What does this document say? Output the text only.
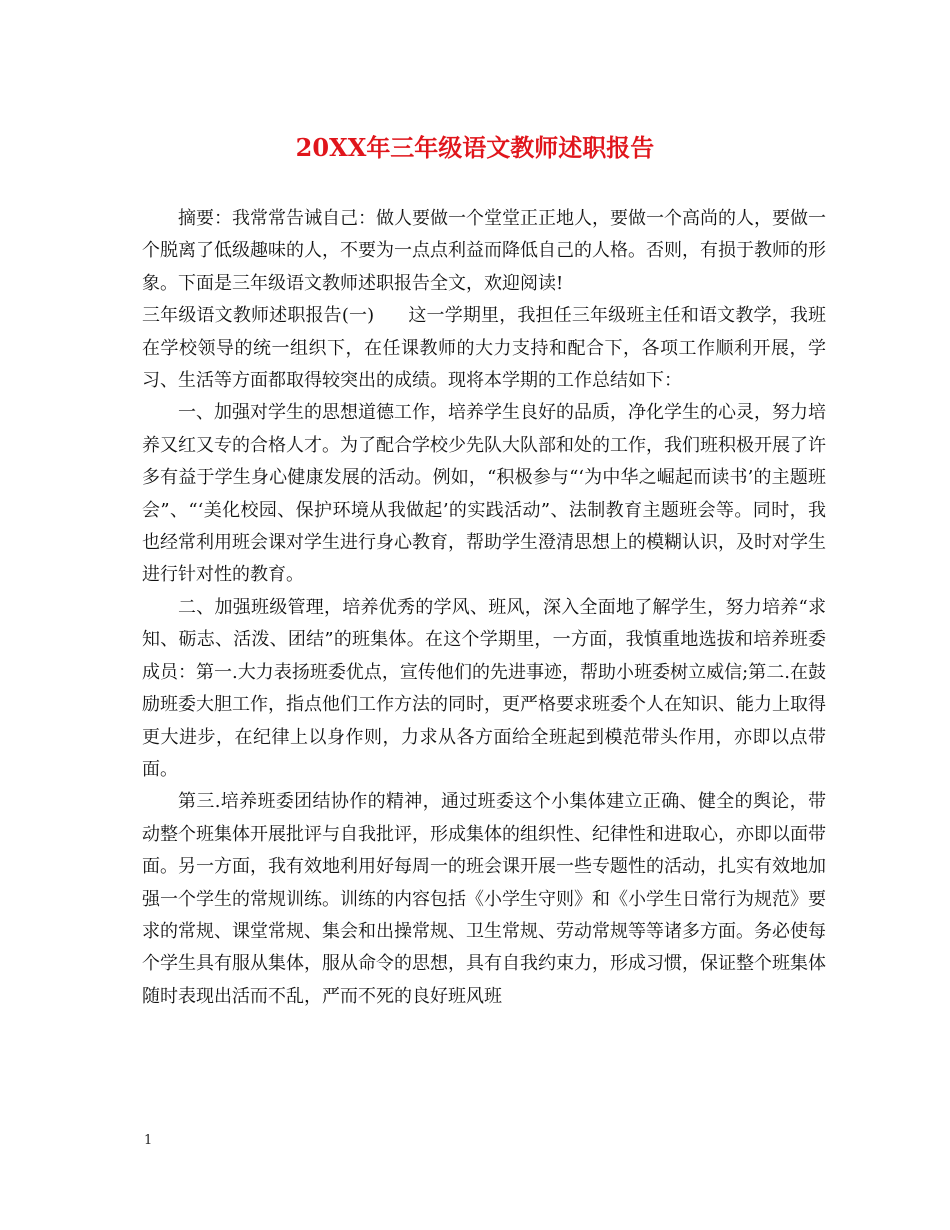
20XX年三年级语文教师述职报告

摘要：我常常告诫自己：做人要做一个堂堂正正地人，要做一个高尚的人，要做一个脱离了低级趣味的人，不要为一点点利益而降低自己的人格。否则，有损于教师的形象。下面是三年级语文教师述职报告全文，欢迎阅读!

三年级语文教师述职报告(一) 这一学期里，我担任三年级班主任和语文教学，我班在学校领导的统一组织下，在任课教师的大力支持和配合下，各项工作顺利开展，学习、生活等方面都取得较突出的成绩。现将本学期的工作总结如下：

一、加强对学生的思想道德工作，培养学生良好的品质，净化学生的心灵，努力培养又红又专的合格人才。为了配合学校少先队大队部和处的工作，我们班积极开展了许多有益于学生身心健康发展的活动。例如，“积极参与“‘为中华之崛起而读书’的主题班会”、“‘美化校园、保护环境从我做起’的实践活动”、法制教育主题班会等。同时，我也经常利用班会课对学生进行身心教育，帮助学生澄清思想上的模糊认识，及时对学生进行针对性的教育。

二、加强班级管理，培养优秀的学风、班风，深入全面地了解学生，努力培养“求知、砺志、活泼、团结”的班集体。在这个学期里，一方面，我慎重地选拔和培养班委成员：第一.大力表扬班委优点，宣传他们的先进事迹，帮助小班委树立威信;第二.在鼓励班委大胆工作，指点他们工作方法的同时，更严格要求班委个人在知识、能力上取得更大进步，在纪律上以身作则，力求从各方面给全班起到模范带头作用，亦即以点带面。

第三.培养班委团结协作的精神，通过班委这个小集体建立正确、健全的舆论，带动整个班集体开展批评与自我批评，形成集体的组织性、纪律性和进取心，亦即以面带面。另一方面，我有效地利用好每周一的班会课开展一些专题性的活动，扎实有效地加强一个学生的常规训练。训练的内容包括《小学生守则》和《小学生日常行为规范》要求的常规、课堂常规、集会和出操常规、卫生常规、劳动常规等等诸多方面。务必使每个学生具有服从集体，服从命令的思想，具有自我约束力，形成习惯，保证整个班集体随时表现出活而不乱，严而不死的良好班风班

1
